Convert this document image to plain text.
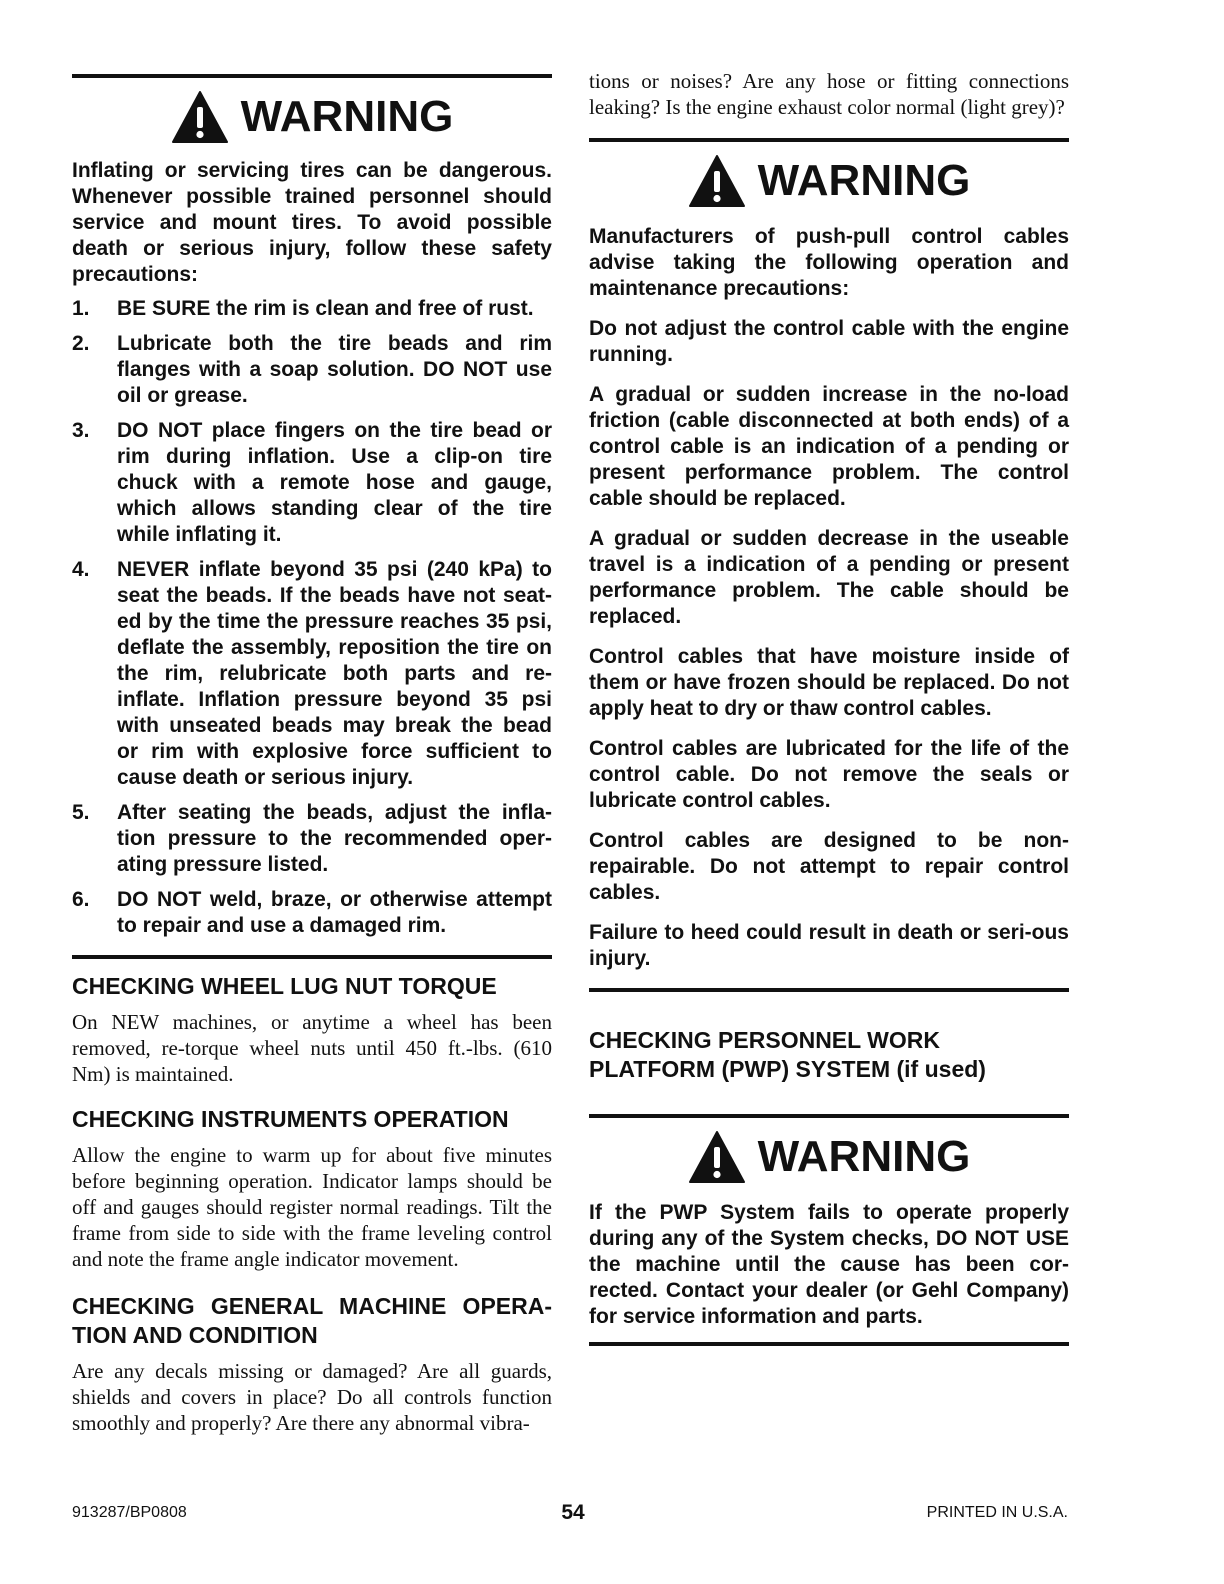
WARNING

Inflating or servicing tires can be dangerous. Whenever possible trained personnel should service and mount tires. To avoid possible death or serious injury, follow these safety precautions:

1.	BE SURE the rim is clean and free of rust.
2.	Lubricate both the tire beads and rim flanges with a soap solution. DO NOT use oil or grease.
3.	DO NOT place fingers on the tire bead or rim during inflation. Use a clip-on tire chuck with a remote hose and gauge, which allows standing clear of the tire while inflating it.
4.	NEVER inflate beyond 35 psi (240 kPa) to seat the beads. If the beads have not seat-ed by the time the pressure reaches 35 psi, deflate the assembly, reposition the tire on the rim, relubricate both parts and re-inflate. Inflation pressure beyond 35 psi with unseated beads may break the bead or rim with explosive force sufficient to cause death or serious injury.
5.	After seating the beads, adjust the infla-tion pressure to the recommended oper-ating pressure listed.
6.	DO NOT weld, braze, or otherwise attempt to repair and use a damaged rim.
CHECKING WHEEL LUG NUT TORQUE

On NEW machines, or anytime a wheel has been removed, re-torque wheel nuts until 450 ft.-lbs. (610 Nm) is maintained.

CHECKING INSTRUMENTS OPERATION

Allow the engine to warm up for about five minutes before beginning operation. Indicator lamps should be off and gauges should register normal readings. Tilt the frame from side to side with the frame leveling control and note the frame angle indicator movement.

CHECKING GENERAL MACHINE OPERA-TION AND CONDITION

Are any decals missing or damaged? Are all guards, shields and covers in place? Do all controls function smoothly and properly? Are there any abnormal vibra-

tions or noises? Are any hose or fitting connections leaking? Is the engine exhaust color normal (light grey)?

WARNING

Manufacturers of push-pull control cables advise taking the following operation and maintenance precautions:

Do not adjust the control cable with the engine running.

A gradual or sudden increase in the no-load friction (cable disconnected at both ends) of a control cable is an indication of a pending or present performance problem. The control cable should be replaced.

A gradual or sudden decrease in the useable travel is a indication of a pending or present performance problem. The cable should be replaced.

Control cables that have moisture inside of them or have frozen should be replaced. Do not apply heat to dry or thaw control cables.

Control cables are lubricated for the life of the control cable. Do not remove the seals or lubricate control cables.

Control cables are designed to be non-repairable. Do not attempt to repair control cables.

Failure to heed could result in death or seri-ous injury.

CHECKING PERSONNEL WORK
PLATFORM (PWP) SYSTEM (if used)
WARNING

If the PWP System fails to operate properly during any of the System checks, DO NOT USE the machine until the cause has been cor-rected. Contact your dealer (or Gehl Company) for service information and parts.

913287/BP0808	54	PRINTED IN U.S.A.
